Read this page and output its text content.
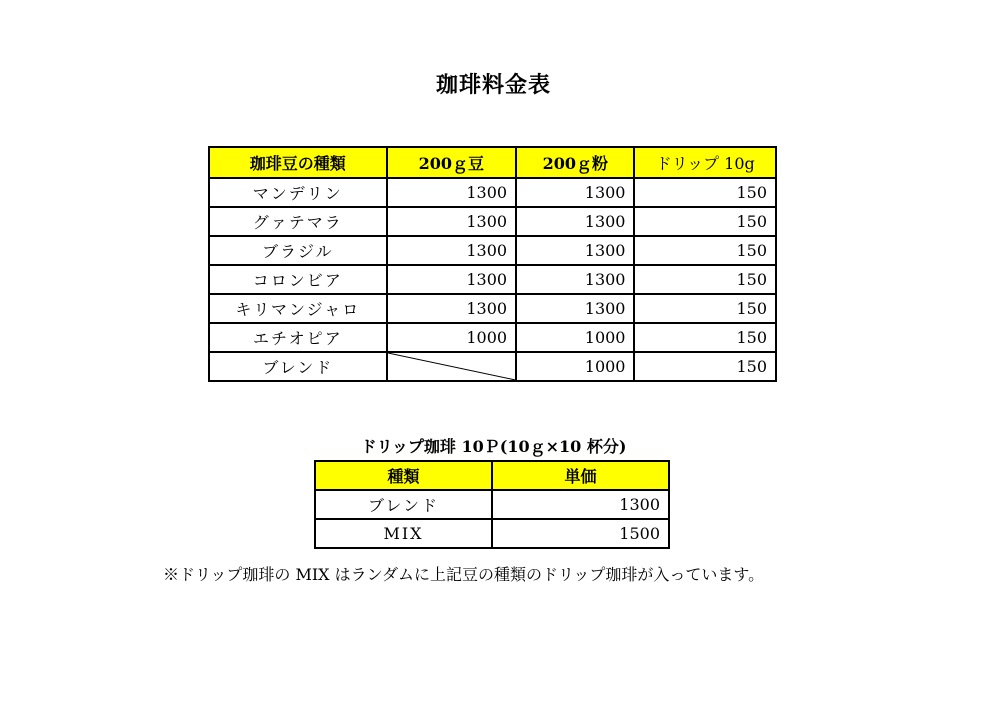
珈琲料金表
珈琲豆の種類	200ｇ豆	200ｇ粉	ドリップ 10g
マンデリン	1300	1300	150
グァテマラ	1300	1300	150
ブラジル	1300	1300	150
コロンビア	1300	1300	150
キリマンジャロ	1300	1300	150
エチオピア	1000	1000	150
ブレンド		1000	150
ドリップ珈琲 10Ｐ(10ｇ×10 杯分)
種類	単価
ブレンド	1300
MIX	1500
※ドリップ珈琲の MIX はランダムに上記豆の種類のドリップ珈琲が入っています。
